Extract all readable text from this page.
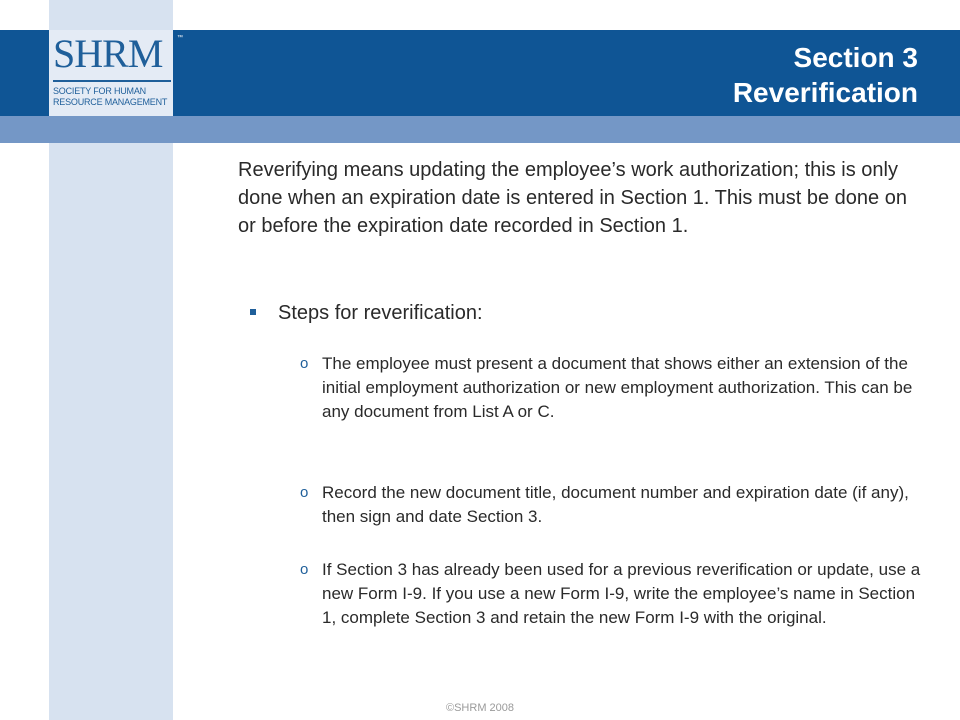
SHRM ™
SOCIETY FOR HUMAN
RESOURCE MANAGEMENT
Section 3
Reverification
Reverifying means updating the employee’s work authorization; this is only done when an expiration date is entered in Section 1. This must be done on or before the expiration date recorded in Section 1.
Steps for reverification:
o The employee must present a document that shows either an extension of the initial employment authorization or new employment authorization. This can be any document from List A or C.
o Record the new document title, document number and expiration date (if any), then sign and date Section 3.
o If Section 3 has already been used for a previous reverification or update, use a new Form I-9. If you use a new Form I-9, write the employee’s name in Section 1, complete Section 3 and retain the new Form I-9 with the original.
©SHRM 2008
